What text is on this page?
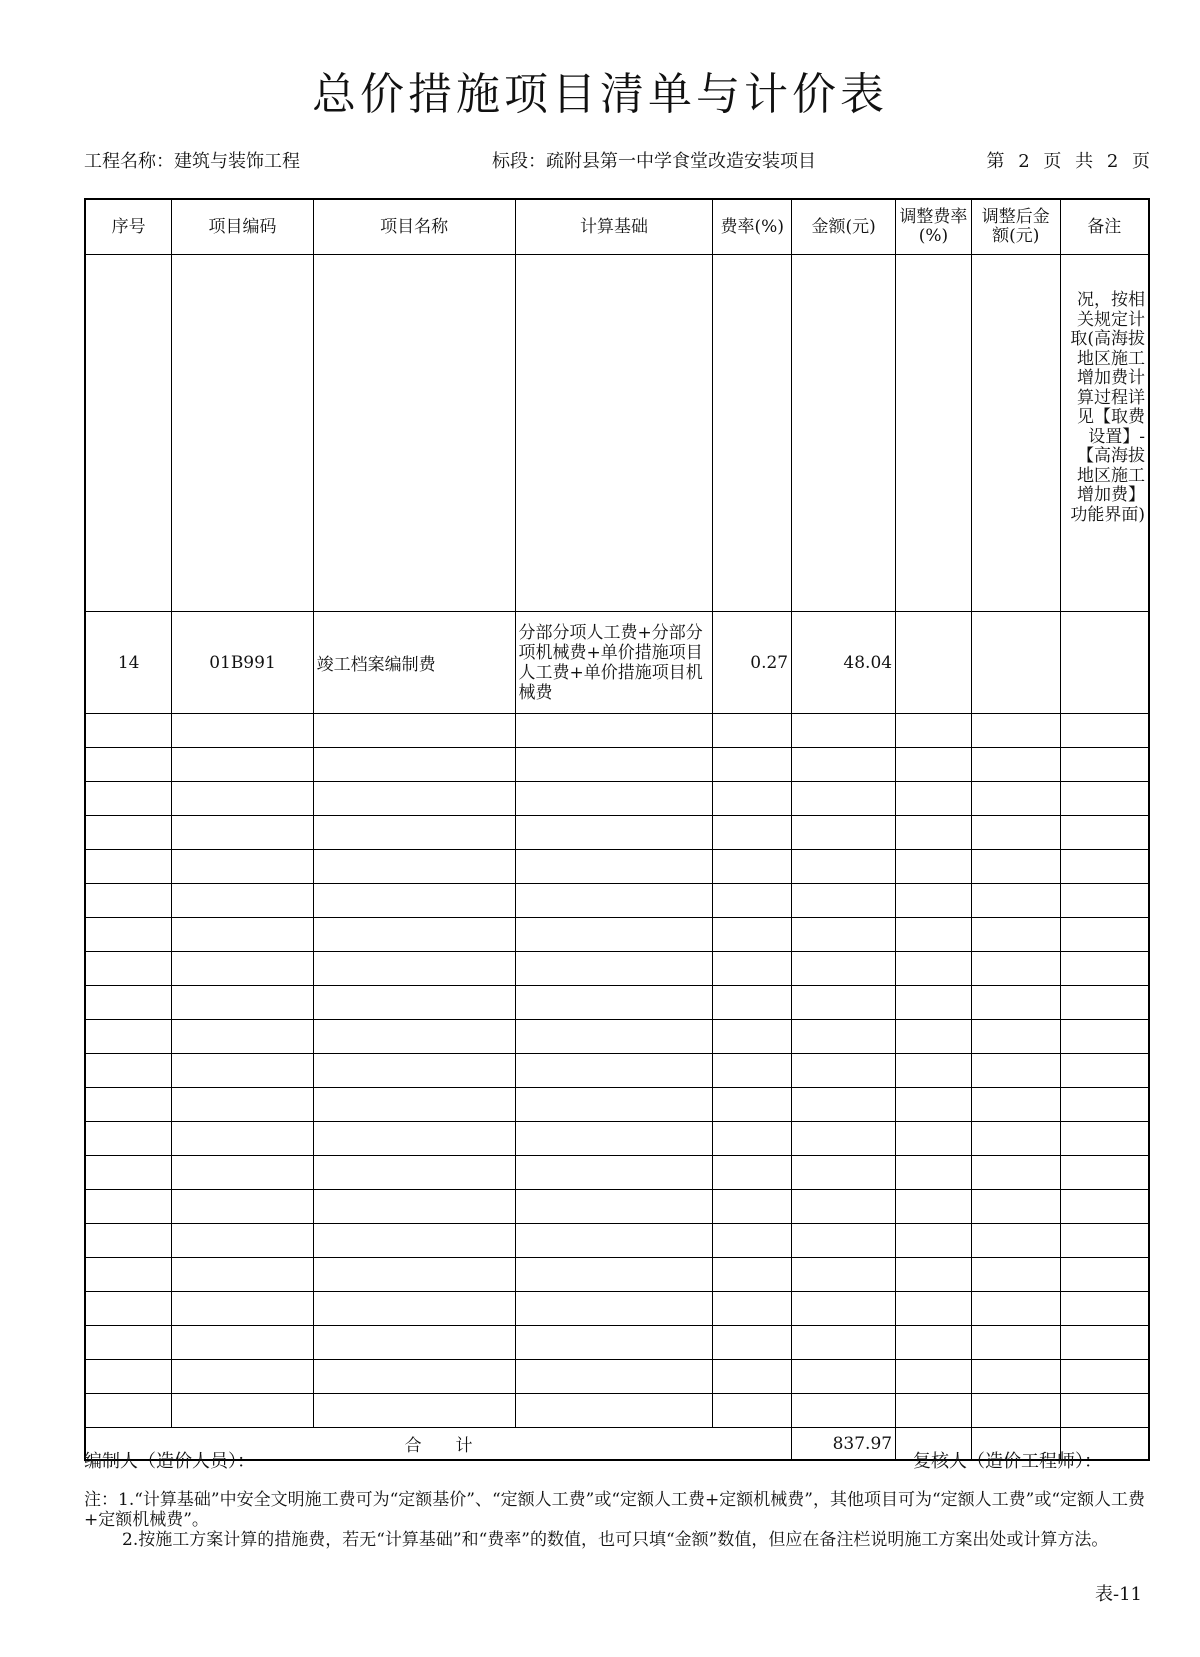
总价措施项目清单与计价表
工程名称：建筑与装饰工程	标段：疏附县第一中学食堂改造安装项目	第 2 页 共 2 页
序号	项目编码	项目名称	计算基础	费率(%)	金额(元)	调整费率(%)	调整后金额(元)	备注
								况，按相关规定计取(高海拔地区施工增加费计算过程详见【取费设置】-【高海拔地区施工增加费】功能界面)
14	01B991	竣工档案编制费	分部分项人工费+分部分项机械费+单价措施项目人工费+单价措施项目机械费	0.27	48.04			

合　　计					837.97			
编制人（造价人员）：	复核人（造价工程师）：

注：1.“计算基础”中安全文明施工费可为“定额基价”、“定额人工费”或“定额人工费+定额机械费”，其他项目可为“定额人工费”或“定额人工费+定额机械费”。

2.按施工方案计算的措施费，若无“计算基础”和“费率”的数值，也可只填“金额”数值，但应在备注栏说明施工方案出处或计算方法。

表-11
